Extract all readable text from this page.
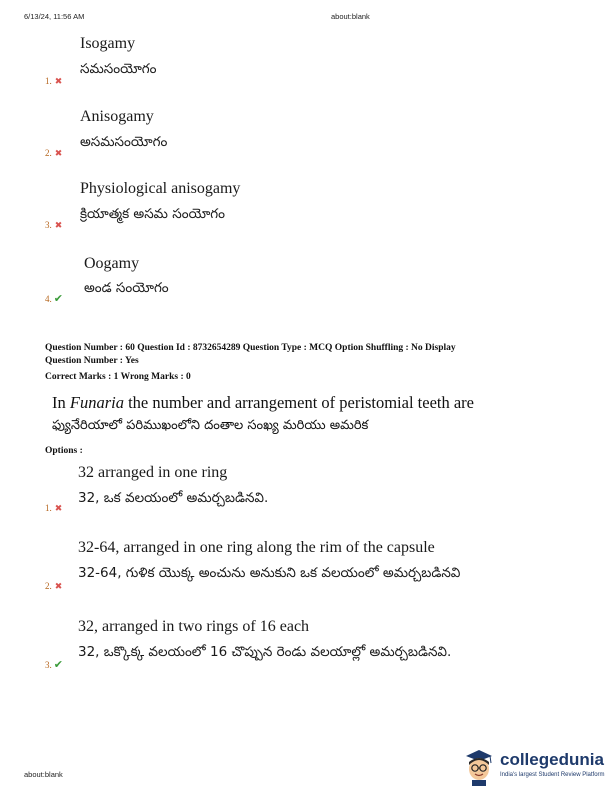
6/13/24, 11:56 AM	about:blank
Isogamy
సమసంయోగం
1. ✖
Anisogamy
అసమసంయోగం
2. ✖
Physiological anisogamy
క్రియాత్మక అసమ సంయోగం
3. ✖
Oogamy
అండ సంయోగం
4. ✔
Question Number : 60 Question Id : 8732654289 Question Type : MCQ Option Shuffling : No Display
Question Number : Yes
Correct Marks : 1 Wrong Marks : 0
In Funaria the number and arrangement of peristomial teeth are
ఫ్యునేరియాలో పరిముఖంలోని దంతాల సంఖ్య మరియు అమరిక
Options :
32 arranged in one ring
32, ఒక వలయంలో అమర్చబడినవి.
1. ✖
32-64, arranged in one ring along the rim of the capsule
32-64, గుళిక యొక్క అంచును అనుకుని ఒక వలయంలో అమర్చబడినవి
2. ✖
32, arranged in two rings of 16 each
32, ఒక్కొక్క వలయంలో 16 చొప్పున రెండు వలయాల్లో అమర్చబడినవి.
3. ✔
about:blank
collegedunia
India's largest Student Review Platform
